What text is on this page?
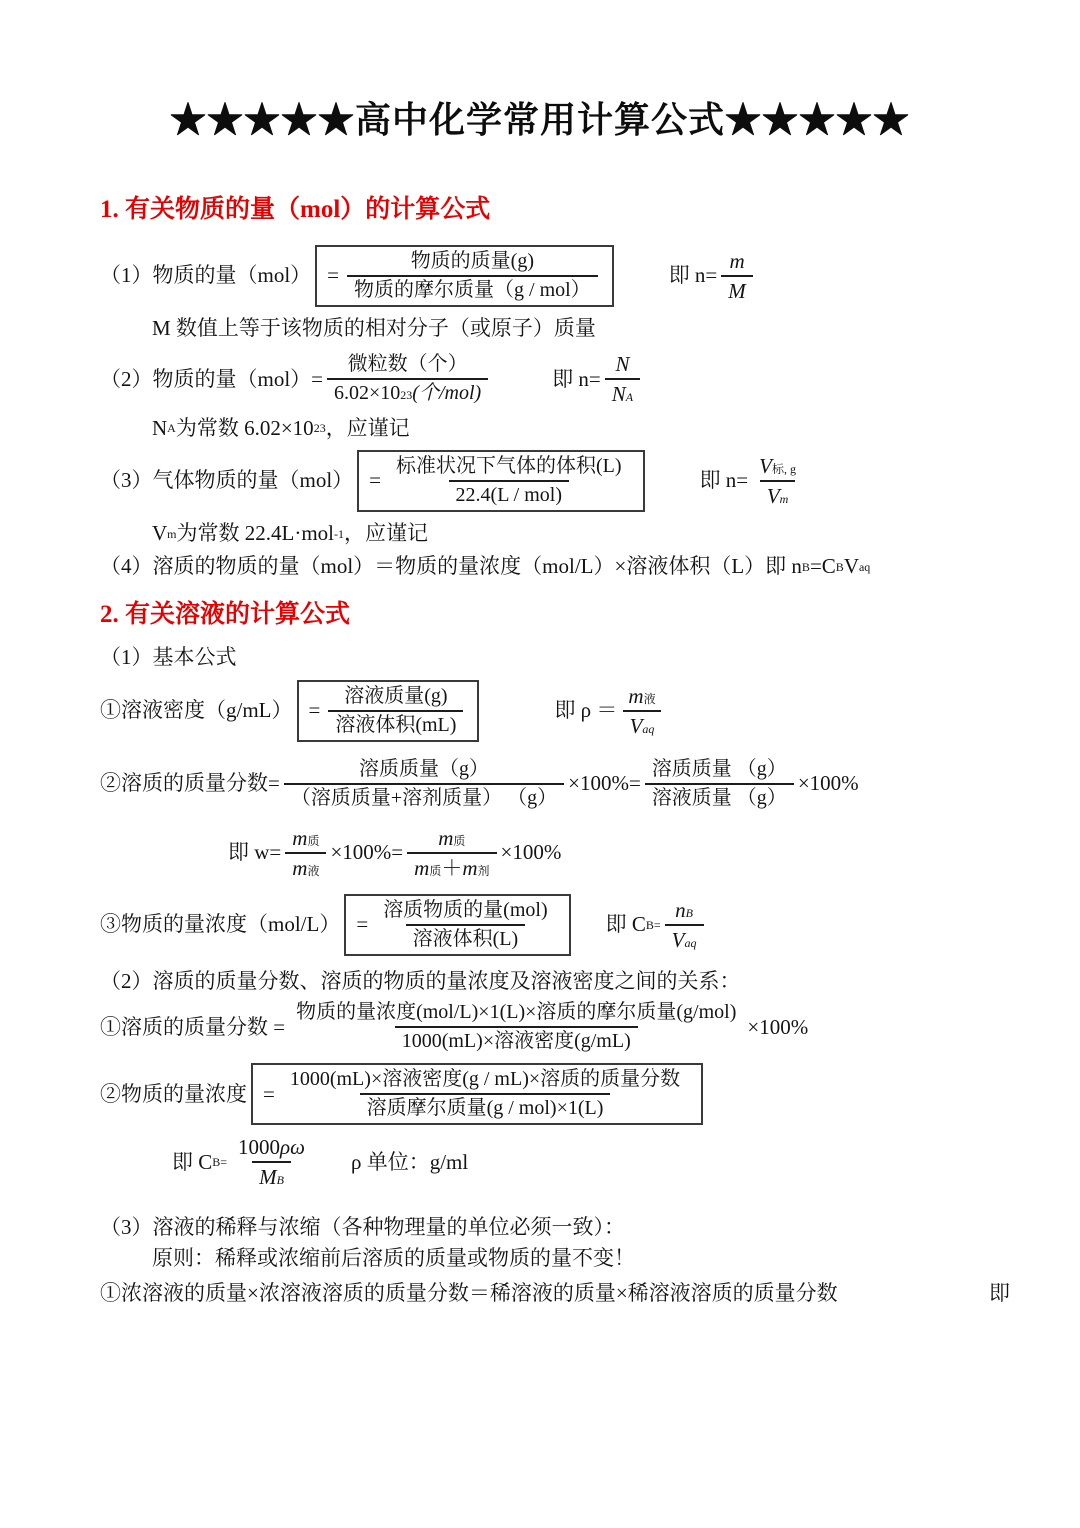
★★★★★高中化学常用计算公式★★★★★
1. 有关物质的量（mol）的计算公式
（1）物质的量$(mol) = \frac{\text{物质的质量(g)}}{\text{物质的摩尔质量（g / mol）}}$	即 $n= \frac{m}{M}$
M 数值上等于该物质的相对分子（或原子）质量
（2）物质的量$(mol)= \frac{\text{微粒数（个）}}{\text{6.02×10 23 (个/mol)}}$	即 $n= \frac{N}{\text{N A}}$
N A 为常数 6.02×10 23 ，应谨记
（3）气体物质的量$(mol) = \frac{\text{标准状况下气体的体积(L)}}{\text{22.4(L / mol)}}$	即 $n= \frac{\text{V 标, g}}{\text{V m}}$
V m 为常数 22.4L·mol -1 ，应谨记
（4）溶质的物质的量（mol）＝物质的量浓度（mol/L）×溶液体积（L）即 n B =C B V aq
2. 有关溶液的计算公式
（1）基本公式
①溶液密度$(g/mL) = \frac{\text{溶液质量(g)}}{\text{溶液体积(mL)}}$	即 $\rho = \frac{\text{m 液}}{\text{V aq}}$
②溶质的质量分数= $\frac{\text{溶质质量（g）}}{\text{（溶质质量+溶剂质量） （g）}} \times 100\%= \frac{\text{溶质质量 （g）}}{\text{溶液质量 （g）}} \times 100\%$
即 $w= \frac{\text{m 质}}{\text{m 液}} \times 100\%= \frac{\text{m 质}}{\text{m 质 ＋ m 剂}} \times 100\%$
③物质的量浓度$(mol/L) = \frac{\text{溶质物质的量(mol)}}{\text{溶液体积(L)}}$ 即 C $B= \frac{\text{n B}}{\text{V aq}}$
（2）溶质的质量分数、溶质的物质的量浓度及溶液密度之间的关系：
①溶质的质量分数 = $\frac{\text{物质的量浓度(mol/L)×1(L)×溶质的摩尔质量(g/mol)}}{\text{1000(mL)×溶液密度(g/mL)}} \times 100\%$
②物质的量浓度 = $\frac{\text{1000(mL)×溶液密度(g / mL)×溶质的质量分数}}{\text{溶质摩尔质量(g / mol)×1(L)}}$
即 C $B= \frac{1000 \rho\omega}{\text{M B}}$ ρ 单位：g/ml
（3）溶液的稀释与浓缩（各种物理量的单位必须一致）：
原则：稀释或浓缩前后溶质的质量或物质的量不变！
①浓溶液的质量×浓溶液溶质的质量分数＝稀溶液的质量×稀溶液溶质的质量分数	即
